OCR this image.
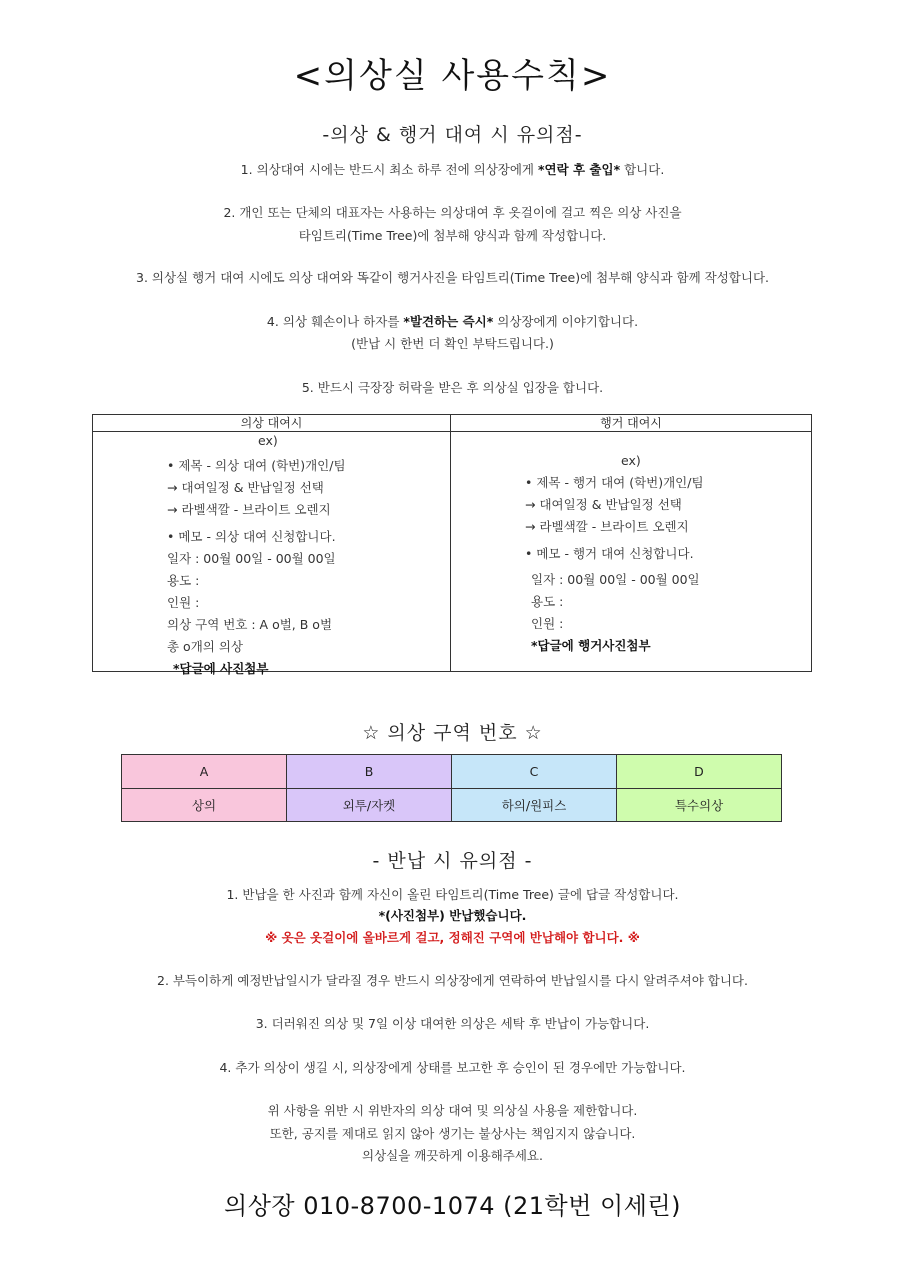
<의상실 사용수칙>
-의상 & 행거 대여 시 유의점-
1. 의상대여 시에는 반드시 최소 하루 전에 의상장에게 *연락 후 출입* 합니다.
2. 개인 또는 단체의 대표자는 사용하는 의상대여 후 옷걸이에 걸고 찍은 의상 사진을
타임트리(Time Tree)에 첨부해 양식과 함께 작성합니다.
3. 의상실 행거 대여 시에도 의상 대여와 똑같이 행거사진을 타임트리(Time Tree)에 첨부해 양식과 함께 작성합니다.
4. 의상 훼손이나 하자를 *발견하는 즉시* 의상장에게 이야기합니다.
(반납 시 한번 더 확인 부탁드립니다.)
5. 반드시 극장장 허락을 받은 후 의상실 입장을 합니다.
의상 대여시	행거 대여시
ex)
• 제목 - 의상 대여 (학번)개인/팀
→ 대여일정 & 반납일정 선택
→ 라벨색깔 - 브라이트 오렌지
• 메모 - 의상 대여 신청합니다.
일자 : 00월 00일 - 00월 00일
용도 :
인원 :
의상 구역 번호 : A o벌, B o벌
총 o개의 의상
*답글에 사진첨부
ex)
• 제목 - 행거 대여 (학번)개인/팀
→ 대여일정 & 반납일정 선택
→ 라벨색깔 - 브라이트 오렌지
• 메모 - 행거 대여 신청합니다.
일자 : 00월 00일 - 00월 00일
용도 :
인원 :
*답글에 행거사진첨부
☆ 의상 구역 번호 ☆
A
상의
B
외투/자켓
C
하의/원피스
D
특수의상
- 반납 시 유의점 -
1. 반납을 한 사진과 함께 자신이 올린 타임트리(Time Tree) 글에 답글 작성합니다.
*(사진첨부) 반납했습니다.
※ 옷은 옷걸이에 올바르게 걸고, 정해진 구역에 반납해야 합니다. ※
2. 부득이하게 예정반납일시가 달라질 경우 반드시 의상장에게 연락하여 반납일시를 다시 알려주셔야 합니다.
3. 더러워진 의상 및 7일 이상 대여한 의상은 세탁 후 반납이 가능합니다.
4. 추가 의상이 생길 시, 의상장에게 상태를 보고한 후 승인이 된 경우에만 가능합니다.
위 사항을 위반 시 위반자의 의상 대여 및 의상실 사용을 제한합니다.
또한, 공지를 제대로 읽지 않아 생기는 불상사는 책임지지 않습니다.
의상실을 깨끗하게 이용해주세요.
의상장 010-8700-1074 (21학번 이세린)
